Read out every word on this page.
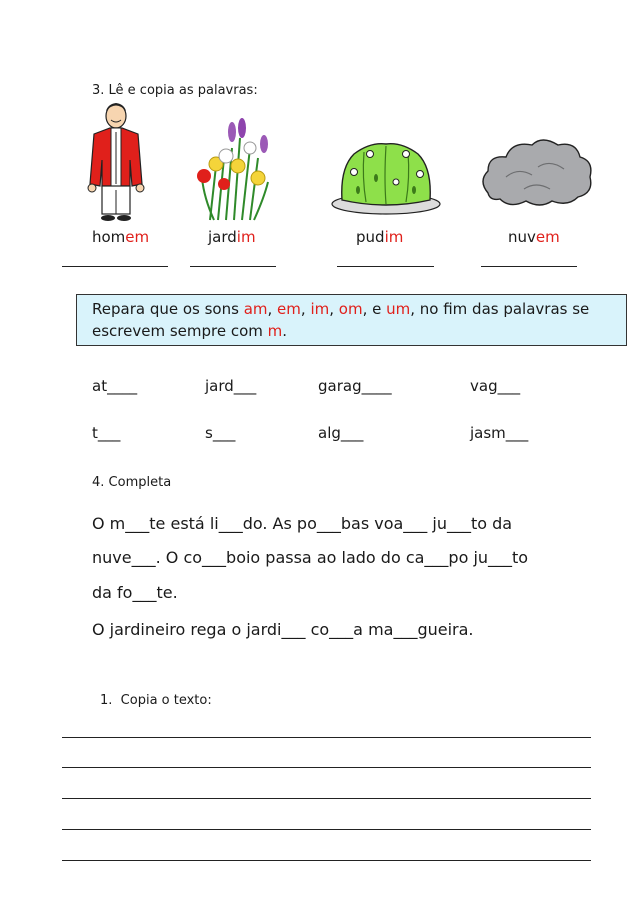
3. Lê e copia as palavras:
homem	jardim	pudim	nuvem
Repara que os sons am, em, im, om, e um, no fim das palavras se
escrevem sempre com m.
at____	jard___	garag____	vag___
t___	s___	alg___	jasm___
4. Completa
O m___te está li___do. As po___bas voa___ ju___to da
nuve___. O co___boio passa ao lado do ca___po ju___to
da fo___te.
O jardineiro rega o jardi___ co___a ma___gueira.
1. Copia o texto:
